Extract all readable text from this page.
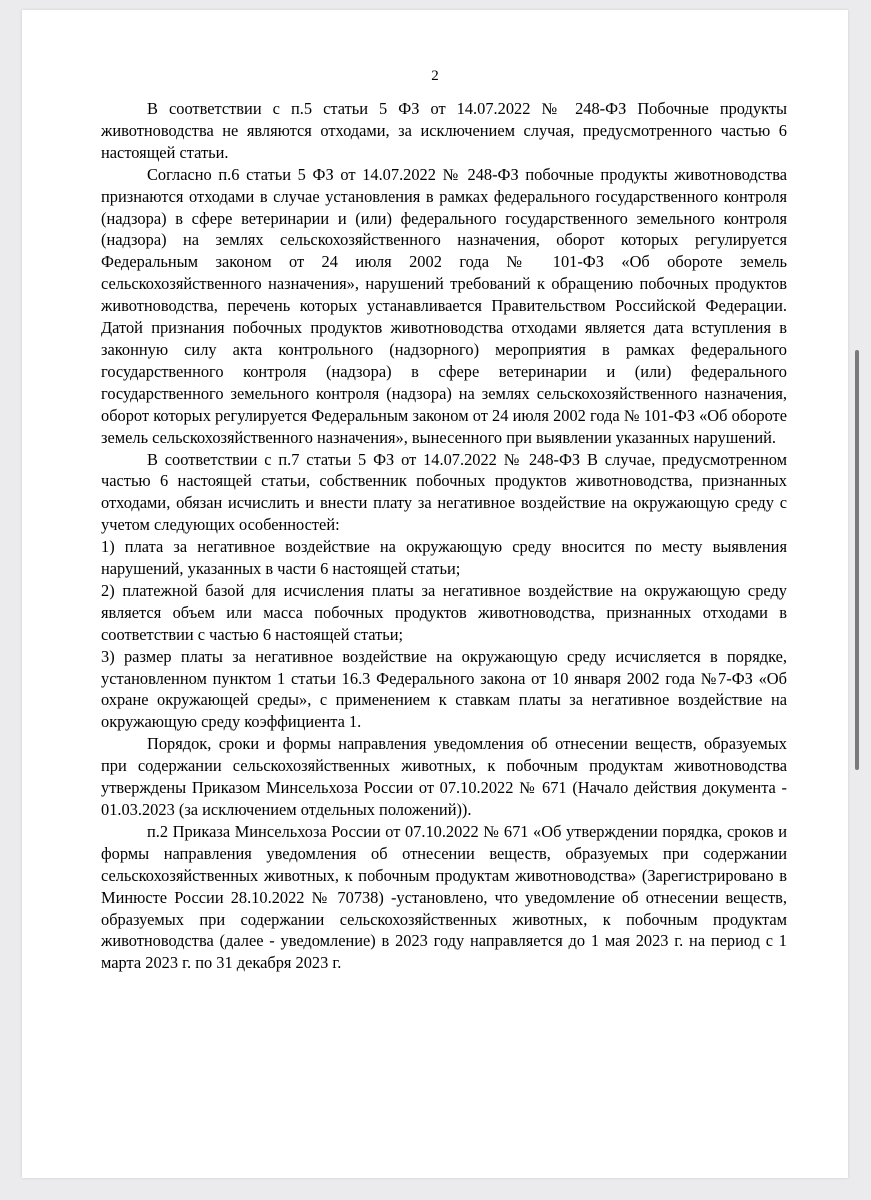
2

В соответствии с п.5 статьи 5 ФЗ от 14.07.2022 № 248-ФЗ Побочные продукты животноводства не являются отходами, за исключением случая, предусмотренного частью 6 настоящей статьи.

Согласно п.6 статьи 5 ФЗ от 14.07.2022 № 248-ФЗ побочные продукты животноводства признаются отходами в случае установления в рамках федерального государственного контроля (надзора) в сфере ветеринарии и (или) федерального государственного земельного контроля (надзора) на землях сельскохозяйственного назначения, оборот которых регулируется Федеральным законом от 24 июля 2002 года № 101-ФЗ «Об обороте земель сельскохозяйственного назначения», нарушений требований к обращению побочных продуктов животноводства, перечень которых устанавливается Правительством Российской Федерации. Датой признания побочных продуктов животноводства отходами является дата вступления в законную силу акта контрольного (надзорного) мероприятия в рамках федерального государственного контроля (надзора) в сфере ветеринарии и (или) федерального государственного земельного контроля (надзора) на землях сельскохозяйственного назначения, оборот которых регулируется Федеральным законом от 24 июля 2002 года № 101-ФЗ «Об обороте земель сельскохозяйственного назначения», вынесенного при выявлении указанных нарушений.

В соответствии с п.7 статьи 5 ФЗ от 14.07.2022 № 248-ФЗ В случае, предусмотренном частью 6 настоящей статьи, собственник побочных продуктов животноводства, признанных отходами, обязан исчислить и внести плату за негативное воздействие на окружающую среду с учетом следующих особенностей:

1) плата за негативное воздействие на окружающую среду вносится по месту выявления нарушений, указанных в части 6 настоящей статьи;

2) платежной базой для исчисления платы за негативное воздействие на окружающую среду является объем или масса побочных продуктов животноводства, признанных отходами в соответствии с частью 6 настоящей статьи;

3) размер платы за негативное воздействие на окружающую среду исчисляется в порядке, установленном пунктом 1 статьи 16.3 Федерального закона от 10 января 2002 года №7-ФЗ «Об охране окружающей среды», с применением к ставкам платы за негативное воздействие на окружающую среду коэффициента 1.

Порядок, сроки и формы направления уведомления об отнесении веществ, образуемых при содержании сельскохозяйственных животных, к побочным продуктам животноводства утверждены Приказом Минсельхоза России от 07.10.2022 № 671 (Начало действия документа - 01.03.2023 (за исключением отдельных положений)).

п.2 Приказа Минсельхоза России от 07.10.2022 № 671 «Об утверждении порядка, сроков и формы направления уведомления об отнесении веществ, образуемых при содержании сельскохозяйственных животных, к побочным продуктам животноводства» (Зарегистрировано в Минюсте России 28.10.2022 № 70738) -установлено, что уведомление об отнесении веществ, образуемых при содержании сельскохозяйственных животных, к побочным продуктам животноводства (далее - уведомление) в 2023 году направляется до 1 мая 2023 г. на период с 1 марта 2023 г. по 31 декабря 2023 г.
